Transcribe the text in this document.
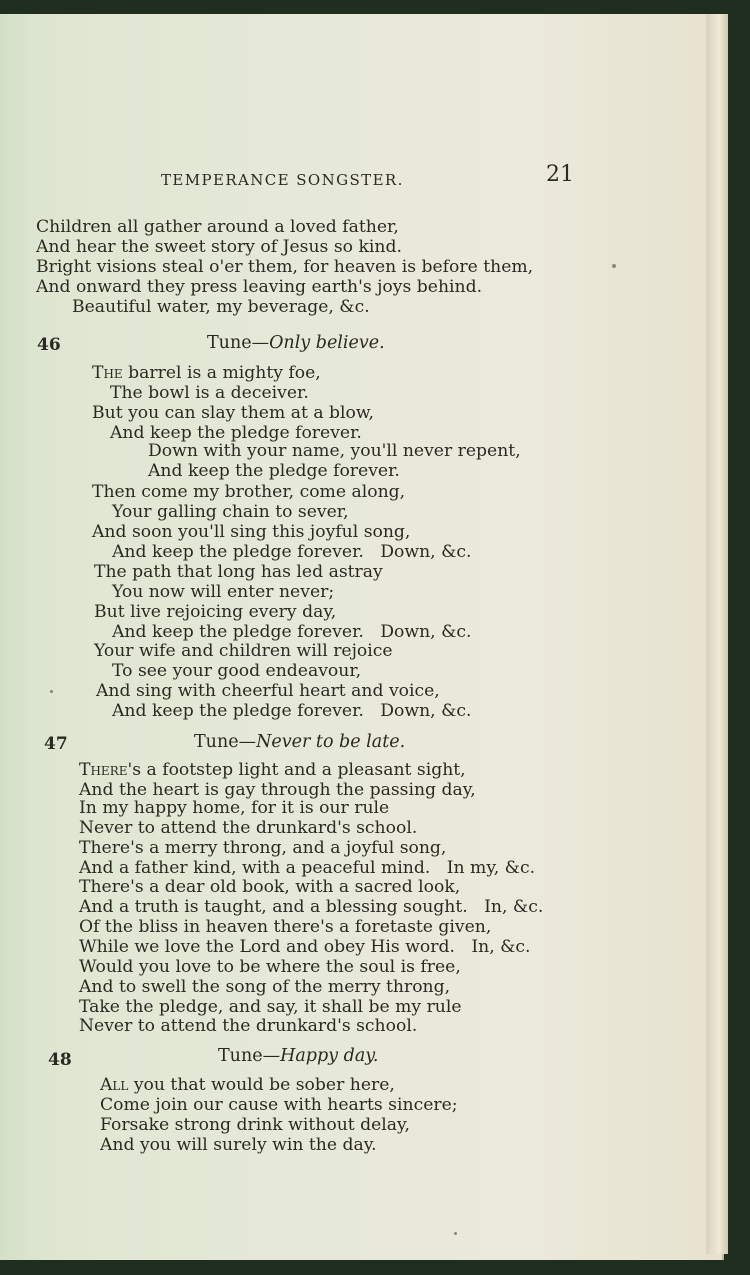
TEMPERANCE SONGSTER.	21
Children all gather around a loved father,
And hear the sweet story of Jesus so kind.
Bright visions steal o'er them, for heaven is before them,
And onward they press leaving earth's joys behind.
Beautiful water, my beverage, &c.
46	Tune—Only believe.
The barrel is a mighty foe,
The bowl is a deceiver.
But you can slay them at a blow,
And keep the pledge forever.
Down with your name, you'll never repent,
And keep the pledge forever.
Then come my brother, come along,
Your galling chain to sever,
And soon you'll sing this joyful song,
And keep the pledge forever.   Down, &c.
The path that long has led astray
You now will enter never;
But live rejoicing every day,
And keep the pledge forever.   Down, &c.
Your wife and children will rejoice
To see your good endeavour,
And sing with cheerful heart and voice,
And keep the pledge forever.   Down, &c.
47	Tune—Never to be late.
There's a footstep light and a pleasant sight,
And the heart is gay through the passing day,
In my happy home, for it is our rule
Never to attend the drunkard's school.
There's a merry throng, and a joyful song,
And a father kind, with a peaceful mind.   In my, &c.
There's a dear old book, with a sacred look,
And a truth is taught, and a blessing sought.   In, &c.
Of the bliss in heaven there's a foretaste given,
While we love the Lord and obey His word.   In, &c.
Would you love to be where the soul is free,
And to swell the song of the merry throng,
Take the pledge, and say, it shall be my rule
Never to attend the drunkard's school.
48	Tune—Happy day.
All you that would be sober here,
Come join our cause with hearts sincere;
Forsake strong drink without delay,
And you will surely win the day.
